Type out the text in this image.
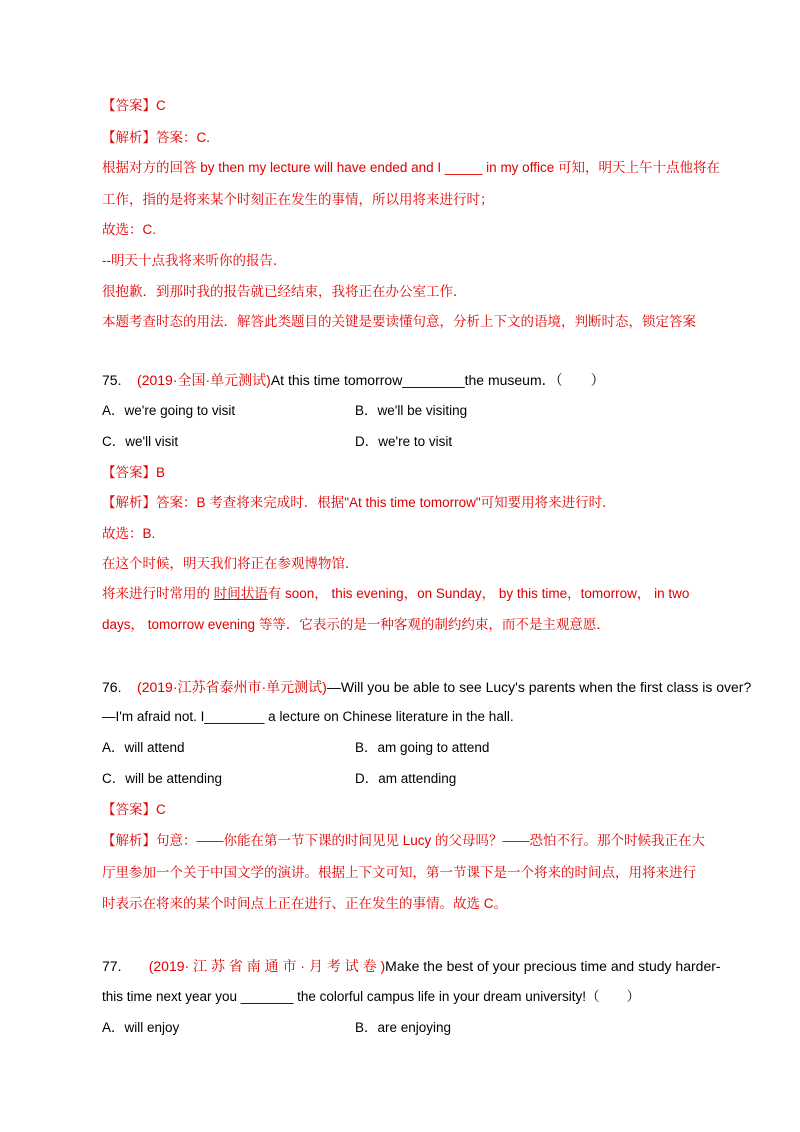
【答案】C
【解析】答案：C.
根据对方的回答 by then my lecture will have ended and I _____ in my office 可知，明天上午十点他将在
工作，指的是将来某个时刻正在发生的事情，所以用将来进行时；
故选：C.
--明天十点我将来听你的报告．
很抱歉．到那时我的报告就已经结束，我将正在办公室工作．
本题考查时态的用法．解答此类题目的关键是要读懂句意，分析上下文的语境，判断时态，锁定答案
75. (2019·全国·单元测试)At this time tomorrow________the museum．（　　）
A．we're going to visit	B．we'll be visiting
C．we'll visit	D．we're to visit
【答案】B
【解析】答案：B 考查将来完成时．根据"At this time tomorrow"可知要用将来进行时．
故选：B.
在这个时候，明天我们将正在参观博物馆．
将来进行时常用的 时间状语有 soon， this evening，on Sunday， by this time，tomorrow， in two
days， tomorrow evening 等等．它表示的是一种客观的制约约束，而不是主观意愿．
76. (2019·江苏省泰州市·单元测试)—Will you be able to see Lucy's parents when the first class is over?
—I'm afraid not. I________ a lecture on Chinese literature in the hall.
A．will attend	B．am going to attend
C．will be attending	D．am attending
【答案】C
【解析】句意：——你能在第一节下课的时间见见 Lucy 的父母吗？——恐怕不行。那个时候我正在大
厅里参加一个关于中国文学的演讲。根据上下文可知，第一节课下是一个将来的时间点，用将来进行
时表示在将来的某个时间点上正在进行、正在发生的事情。故选 C。
77. (2019· 江 苏 省 南 通 市 · 月 考 试 卷 )Make the best of your precious time and study harder-
this time next year you _______ the colorful campus life in your dream university!（　　）
A．will enjoy	B．are enjoying
